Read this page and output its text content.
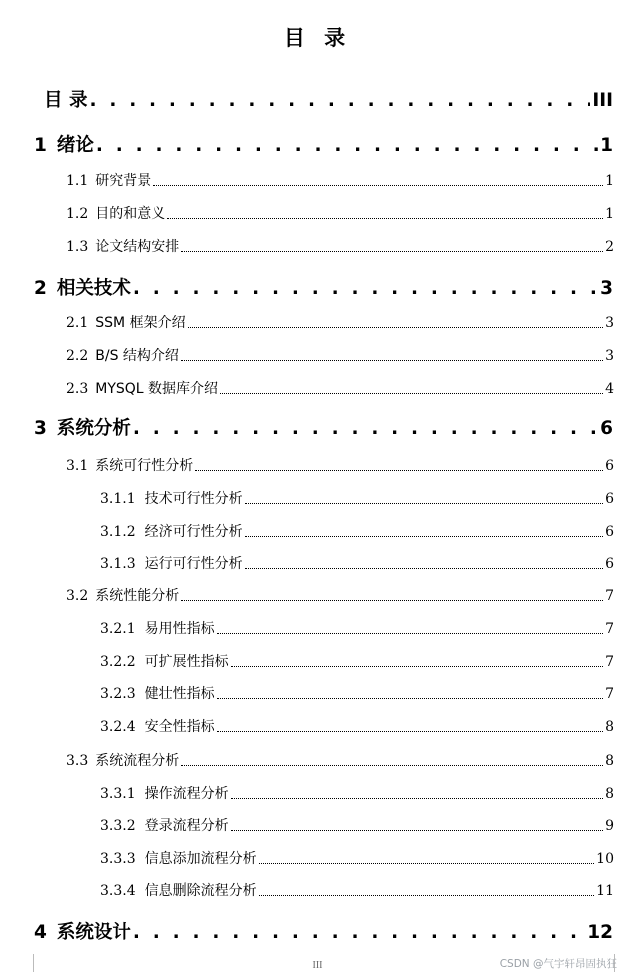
目 录
目 录 . . .	III
1 绪论 . . .	1
1.1 研究背景	1
1.2 目的和意义	1
1.3 论文结构安排	2
2 相关技术 . . .	3
2.1 SSM 框架介绍	3
2.2 B/S 结构介绍	3
2.3 MYSQL 数据库介绍	4
3 系统分析 . . .	6
3.1 系统可行性分析	6
3.1.1 技术可行性分析	6
3.1.2 经济可行性分析	6
3.1.3 运行可行性分析	6
3.2 系统性能分析	7
3.2.1 易用性指标	7
3.2.2 可扩展性指标	7
3.2.3 健壮性指标	7
3.2.4 安全性指标	8
3.3 系统流程分析	8
3.3.1 操作流程分析	8
3.3.2 登录流程分析	9
3.3.3 信息添加流程分析	10
3.3.4 信息删除流程分析	11
4 系统设计 . . .	12
III	CSDN @气宇轩昂固执狂
